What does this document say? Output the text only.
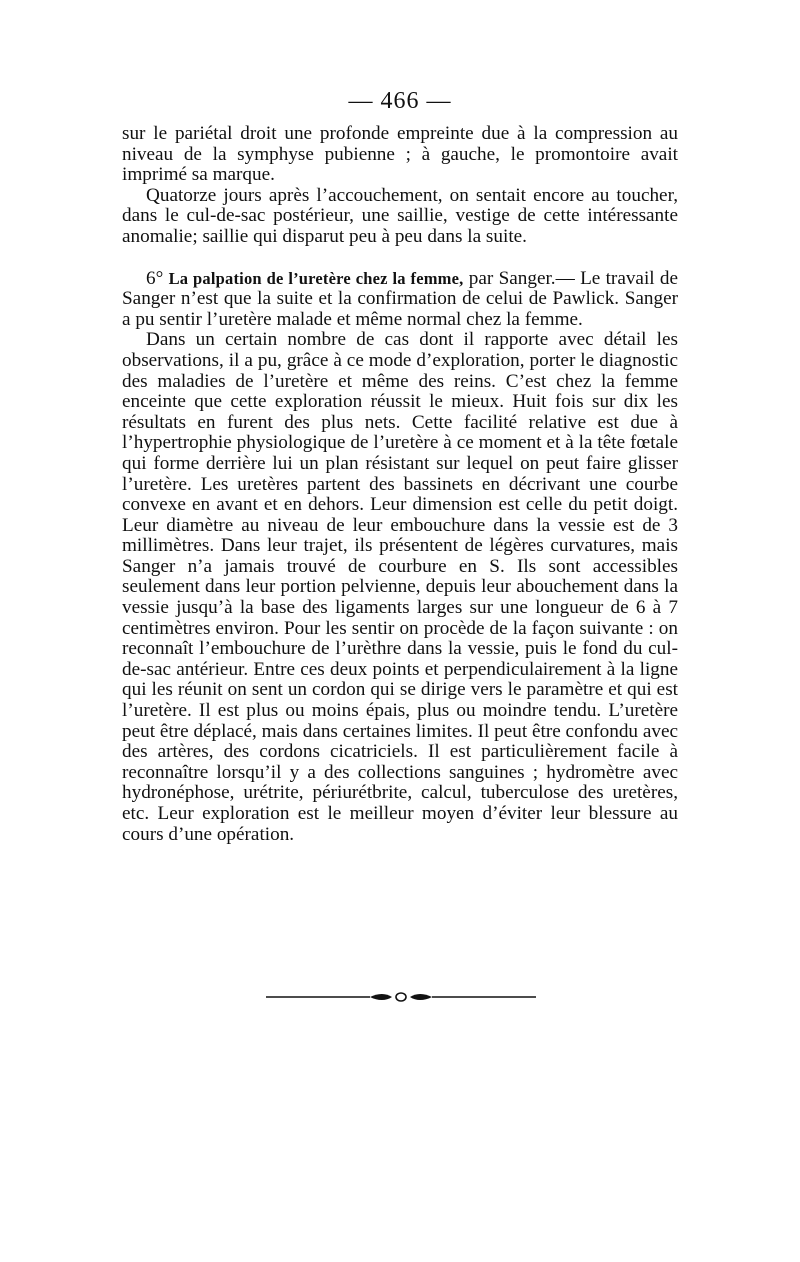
— 466 —

sur le pariétal droit une profonde empreinte due à la compression au niveau de la symphyse pubienne ; à gauche, le promontoire avait imprimé sa marque.

Quatorze jours après l’accouchement, on sentait encore au toucher, dans le cul-de-sac postérieur, une saillie, vestige de cette intéressante anomalie; saillie qui disparut peu à peu dans la suite.

6° La palpation de l’uretère chez la femme, par Sanger.— Le travail de Sanger n’est que la suite et la confirmation de celui de Pawlick. Sanger a pu sentir l’uretère malade et même normal chez la femme.

Dans un certain nombre de cas dont il rapporte avec détail les observations, il a pu, grâce à ce mode d’exploration, porter le diagnostic des maladies de l’uretère et même des reins. C’est chez la femme enceinte que cette exploration réussit le mieux. Huit fois sur dix les résultats en furent des plus nets. Cette facilité relative est due à l’hypertrophie physiologique de l’uretère à ce moment et à la tête fœtale qui forme derrière lui un plan résistant sur lequel on peut faire glisser l’uretère. Les uretères partent des bassinets en décrivant une courbe convexe en avant et en dehors. Leur dimension est celle du petit doigt. Leur diamètre au niveau de leur embouchure dans la vessie est de 3 millimètres. Dans leur trajet, ils présentent de légères curvatures, mais Sanger n’a jamais trouvé de courbure en S. Ils sont accessibles seulement dans leur portion pelvienne, depuis leur abouchement dans la vessie jusqu’à la base des ligaments larges sur une longueur de 6 à 7 centimètres environ. Pour les sentir on procède de la façon suivante : on reconnaît l’embouchure de l’urèthre dans la vessie, puis le fond du cul-de-sac antérieur. Entre ces deux points et perpendiculairement à la ligne qui les réunit on sent un cordon qui se dirige vers le paramètre et qui est l’uretère. Il est plus ou moins épais, plus ou moindre tendu. L’uretère peut être déplacé, mais dans certaines limites. Il peut être confondu avec des artères, des cordons cicatriciels. Il est particulièrement facile à reconnaître lorsqu’il y a des collections sanguines ; hydromètre avec hydronéphose, urétrite, périurétbrite, calcul, tuberculose des uretères, etc. Leur exploration est le meilleur moyen d’éviter leur blessure au cours d’une opération.
